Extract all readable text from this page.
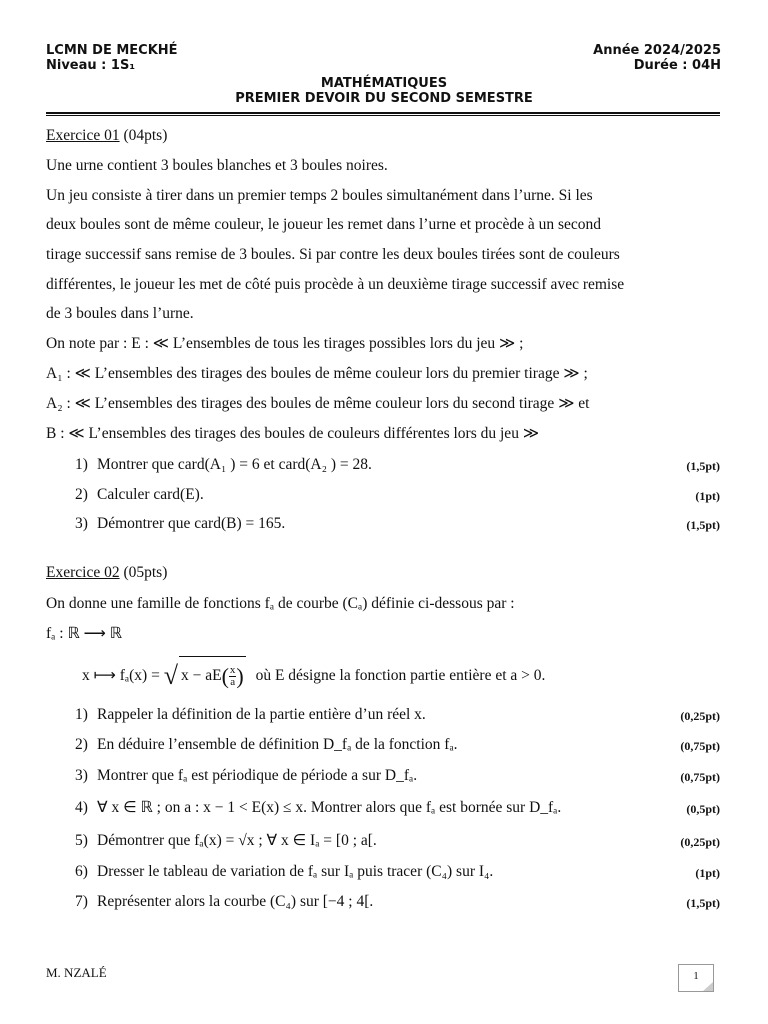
LCMN DE MECKHÉ
Niveau : 1S₁
Année 2024/2025
Durée : 04H
MATHÉMATIQUES
PREMIER DEVOIR DU SECOND SEMESTRE
Exercice 01 (04pts)
Une urne contient 3 boules blanches et 3 boules noires.
Un jeu consiste à tirer dans un premier temps 2 boules simultanément dans l’urne. Si les
deux boules sont de même couleur, le joueur les remet dans l’urne et procède à un second
tirage successif sans remise de 3 boules. Si par contre les deux boules tirées sont de couleurs
différentes, le joueur les met de côté puis procède à un deuxième tirage successif avec remise
de 3 boules dans l’urne.
On note par : E : ≪ L’ensembles de tous les tirages possibles lors du jeu ≫ ;
A₁ : ≪ L’ensembles des tirages des boules de même couleur lors du premier tirage ≫ ;
A₂ : ≪ L’ensembles des tirages des boules de même couleur lors du second tirage ≫ et
B : ≪ L’ensembles des tirages des boules de couleurs différentes lors du jeu ≫
1) Montrer que card(A₁ ) = 6 et card(A₂ ) = 28.	(1,5pt)
2) Calculer card(E).	(1pt)
3) Démontrer que card(B) = 165.	(1,5pt)
Exercice 02 (05pts)
On donne une famille de fonctions fₐ de courbe (Cₐ) définie ci-dessous par :
fₐ : ℝ ⟶ ℝ
x ⟼ fₐ(x) = √ $x - aE( \frac{x}{a}$ ) où E désigne la fonction partie entière et a > 0.
1) Rappeler la définition de la partie entière d’un réel x.	(0,25pt)
2) En déduire l’ensemble de définition D_fₐ de la fonction fₐ.	(0,75pt)
3) Montrer que fₐ est périodique de période a sur D_fₐ.	(0,75pt)
4) ∀ x ∈ ℝ ; on a : x − 1 < E(x) ≤ x. Montrer alors que fₐ est bornée sur D_fₐ.	(0,5pt)
5) Démontrer que fₐ(x) = √x ; ∀ x ∈ Iₐ = [0 ; a[.	(0,25pt)
6) Dresser le tableau de variation de fₐ sur Iₐ puis tracer (C₄) sur I₄.	(1pt)
7) Représenter alors la courbe (C₄) sur [−4 ; 4[.	(1,5pt)
M. NZALÉ	1
